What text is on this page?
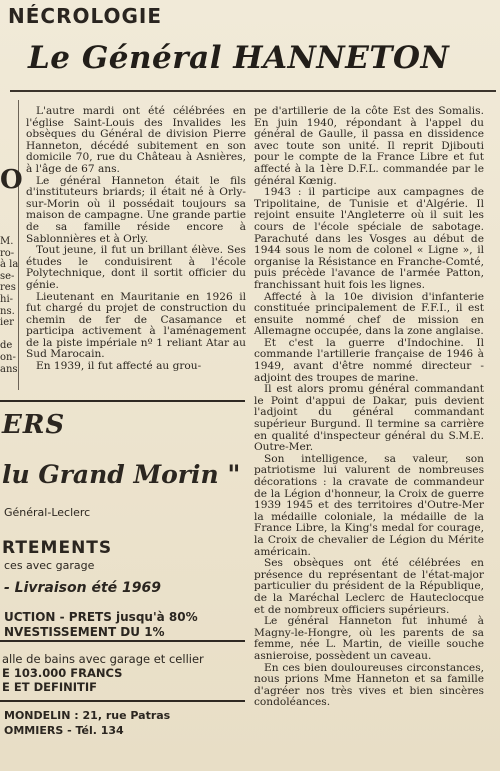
NÉCROLOGIE
Le Général HANNETON
O
M.
ro-
à la
se-
res
hi-
ns.
ier

de
on-
ans

L'autre mardi ont été célébrées en l'église Saint-Louis des Invalides les obsèques du Général de division Pierre Hanneton, décédé subitement en son domicile 70, rue du Château à Asnières, à l'âge de 67 ans.

Le général Hanneton était le fils d'instituteurs briards; il était né à Orly-sur-Morin où il possédait toujours sa maison de campagne. Une grande partie de sa famille réside encore à Sablonnières et à Orly.

Tout jeune, il fut un brillant élève. Ses études le conduisirent à l'école Polytechnique, dont il sortit officier du génie.

Lieutenant en Mauritanie en 1926 il fut chargé du projet de construction du chemin de fer de Casamance et participa activement à l'aménagement de la piste impériale nº 1 reliant Atar au Sud Marocain.

En 1939, il fut affecté au grou-

pe d'artillerie de la côte Est des Somalis. En juin 1940, répondant à l'appel du général de Gaulle, il passa en dissidence avec toute son unité. Il reprit Djibouti pour le compte de la France Libre et fut affecté à la 1ère D.F.L. commandée par le général Kœnig.

1943 : il participe aux campagnes de Tripolitaine, de Tunisie et d'Algérie. Il rejoint ensuite l'Angleterre où il suit les cours de l'école spéciale de sabotage. Parachuté dans les Vosges au début de 1944 sous le nom de colonel « Ligne », il organise la Résistance en Franche-Comté, puis précède l'avance de l'armée Patton, franchissant huit fois les lignes.

Affecté à la 10e division d'infanterie constituée principalement de F.F.I., il est ensuite nommé chef de mission en Allemagne occupée, dans la zone anglaise.

Et c'est la guerre d'Indochine. Il commande l'artillerie française de 1946 à 1949, avant d'être nommé directeur - adjoint des troupes de marine.

Il est alors promu général commandant le Point d'appui de Dakar, puis devient l'adjoint du général commandant supérieur Burgund. Il termine sa carrière en qualité d'inspecteur général du S.M.E. Outre-Mer.

Son intelligence, sa valeur, son patriotisme lui valurent de nombreuses décorations : la cravate de commandeur de la Légion d'honneur, la Croix de guerre 1939 1945 et des territoires d'Outre-Mer la médaille coloniale, la médaille de la France Libre, la King's medal for courage, la Croix de chevalier de Légion du Mérite américain.

Ses obsèques ont été célébrées en présence du représentant de l'état-major particulier du président de la République, de la Maréchal Leclerc de Hauteclocque et de nombreux officiers supérieurs.

Le général Hanneton fut inhumé à Magny-le-Hongre, où les parents de sa femme, née L. Martin, de vieille souche asnieroise, possèdent un caveau.

En ces bien douloureuses circonstances, nous prions Mme Hanneton et sa famille d'agréer nos très vives et bien sincères condoléances.

ERS
lu Grand Morin "
Général-Leclerc
RTEMENTS
ces avec garage
- Livraison été 1969
UCTION - PRETS jusqu'à 80%
NVESTISSEMENT DU 1%
alle de bains avec garage et cellier
E 103.000 FRANCS
E ET DEFINITIF
MONDELIN : 21, rue Patras
OMMIERS - Tél. 134
